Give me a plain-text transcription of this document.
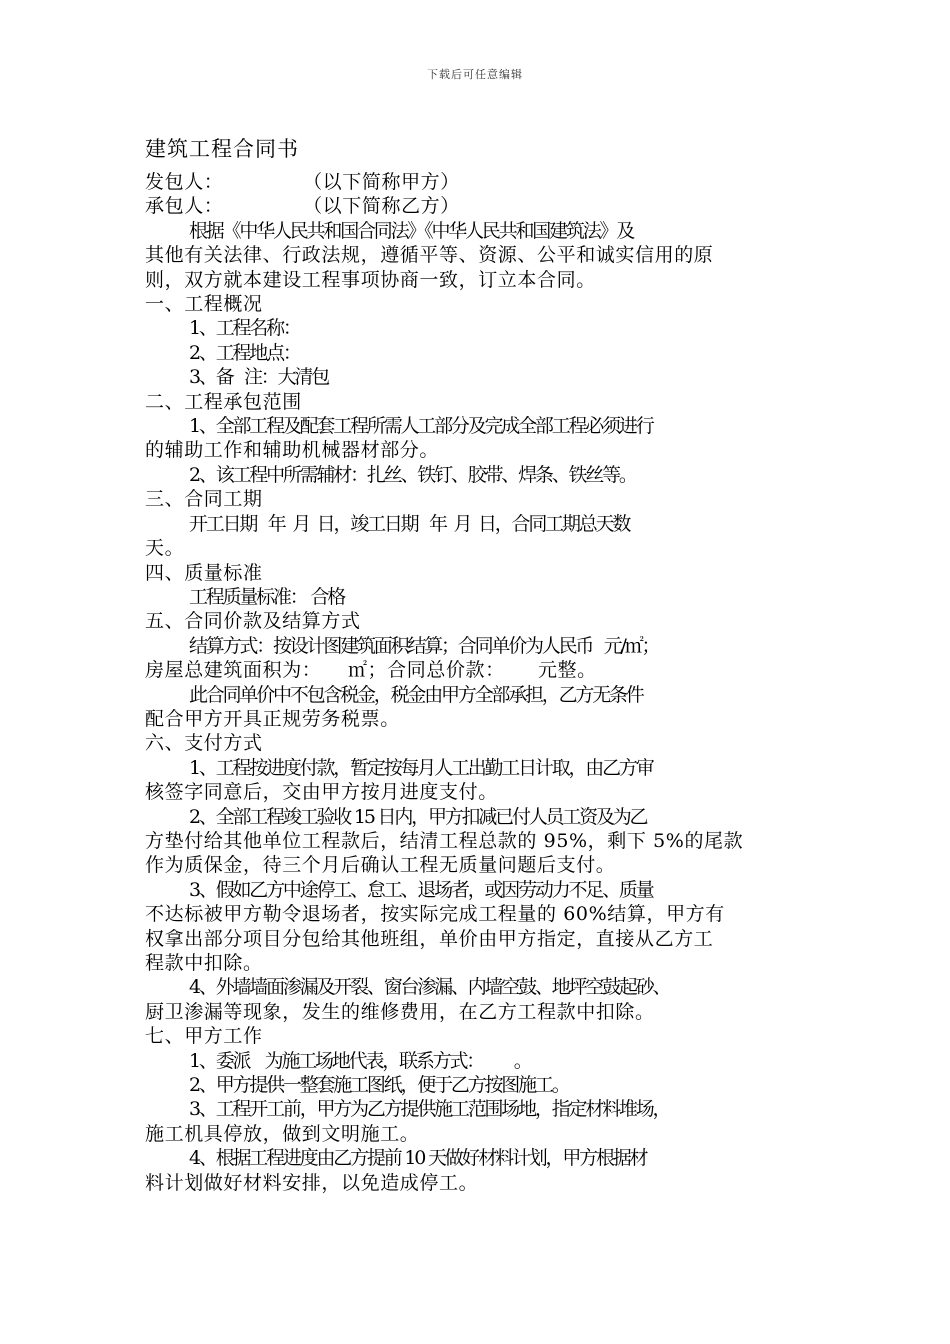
下载后可任意编辑
建筑工程合同书
发包人：            （以下简称甲方）
承包人：            （以下简称乙方）
根据《中华人民共和国合同法》《中华人民共和国建筑法》及
其他有关法律、行政法规，遵循平等、资源、公平和诚实信用的原
则，双方就本建设工程事项协商一致，订立本合同。
一、工程概况
1、工程名称：
2、工程地点：
3、备   注：大清包
二、工程承包范围
1、全部工程及配套工程所需人工部分及完成全部工程必须进行
的辅助工作和辅助机械器材部分。
2、该工程中所需辅材：扎丝、铁钉、胶带、焊条、铁丝等。
三、合同工期
开工日期   年  月  日，竣工日期   年  月  日，合同工期总天数
天。
四、质量标准
工程质量标准： 合格
五、合同价款及结算方式
结算方式：按设计图建筑面积结算；合同单价为人民币   元/㎡；
房屋总建筑面积为：    ㎡；合同总价款：     元整。
此合同单价中不包含税金，税金由甲方全部承担，乙方无条件
配合甲方开具正规劳务税票。
六、支付方式
1、工程按进度付款，暂定按每月人工出勤工日计取，由乙方审
核签字同意后，交由甲方按月进度支付。
2、全部工程竣工验收 15 日内，甲方扣减已付人员工资及为乙
方垫付给其他单位工程款后，结清工程总款的 95%，剩下 5%的尾款
作为质保金，待三个月后确认工程无质量问题后支付。
3、假如乙方中途停工、怠工、退场者，或因劳动力不足、质量
不达标被甲方勒令退场者，按实际完成工程量的 60%结算，甲方有
权拿出部分项目分包给其他班组，单价由甲方指定，直接从乙方工
程款中扣除。
4、外墙墙面渗漏及开裂、窗台渗漏、内墙空鼓、地坪空鼓起砂、
厨卫渗漏等现象，发生的维修费用，在乙方工程款中扣除。
七、甲方工作
1、委派    为施工场地代表，联系方式：        。
2、甲方提供一整套施工图纸，便于乙方按图施工。
3、工程开工前，甲方为乙方提供施工范围场地，指定材料堆场，
施工机具停放，做到文明施工。
4、根据工程进度由乙方提前 10 天做好材料计划，甲方根据材
料计划做好材料安排，以免造成停工。
